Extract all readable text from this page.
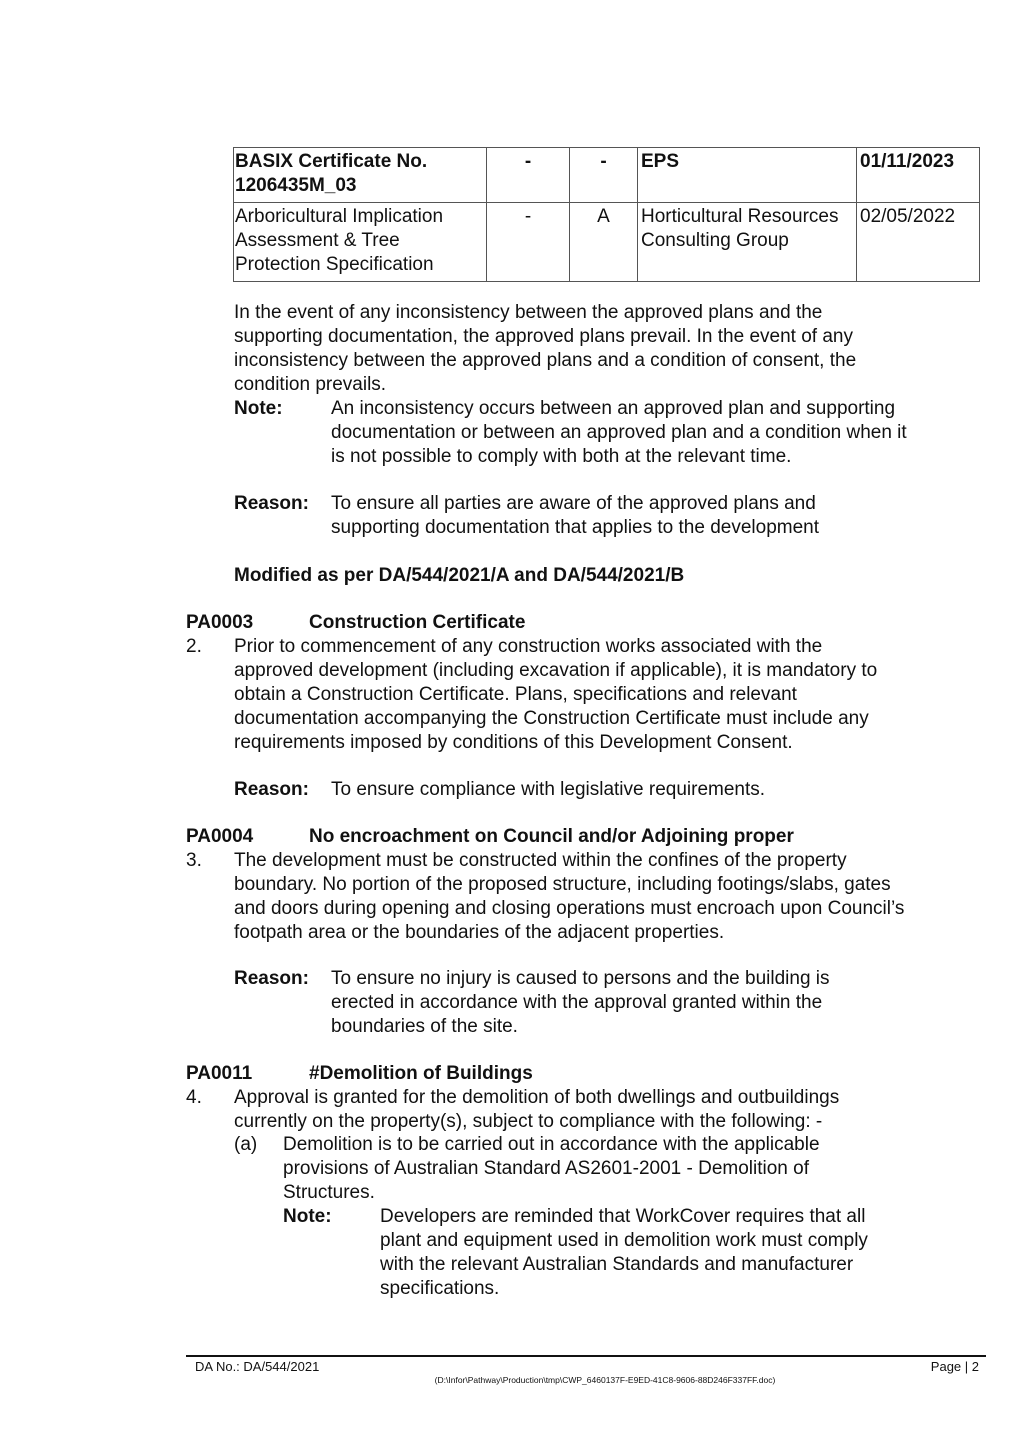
BASIX Certificate No. 1206435M_03	-	-	EPS	01/11/2023
Arboricultural Implication Assessment & Tree Protection Specification	-	A	Horticultural Resources Consulting Group	02/05/2022
In the event of any inconsistency between the approved plans and the supporting documentation, the approved plans prevail. In the event of any inconsistency between the approved plans and a condition of consent, the condition prevails.
Note:	An inconsistency occurs between an approved plan and supporting documentation or between an approved plan and a condition when it is not possible to comply with both at the relevant time.
Reason: To ensure all parties are aware of the approved plans and supporting documentation that applies to the development
Modified as per DA/544/2021/A and DA/544/2021/B
PA0003	Construction Certificate
2. Prior to commencement of any construction works associated with the approved development (including excavation if applicable), it is mandatory to obtain a Construction Certificate. Plans, specifications and relevant documentation accompanying the Construction Certificate must include any requirements imposed by conditions of this Development Consent.
Reason: To ensure compliance with legislative requirements.
PA0004	No encroachment on Council and/or Adjoining proper
3. The development must be constructed within the confines of the property boundary. No portion of the proposed structure, including footings/slabs, gates and doors during opening and closing operations must encroach upon Council’s footpath area or the boundaries of the adjacent properties.
Reason: To ensure no injury is caused to persons and the building is erected in accordance with the approval granted within the boundaries of the site.
PA0011	#Demolition of Buildings
4. Approval is granted for the demolition of both dwellings and outbuildings currently on the property(s), subject to compliance with the following: -
(a) Demolition is to be carried out in accordance with the applicable provisions of Australian Standard AS2601-2001 - Demolition of Structures.
Note:	Developers are reminded that WorkCover requires that all plant and equipment used in demolition work must comply with the relevant Australian Standards and manufacturer specifications.
DA No.: DA/544/2021	Page | 2
(D:\Infor\Pathway\Production\tmp\CWP_6460137F-E9ED-41C8-9606-88D246F337FF.doc)
